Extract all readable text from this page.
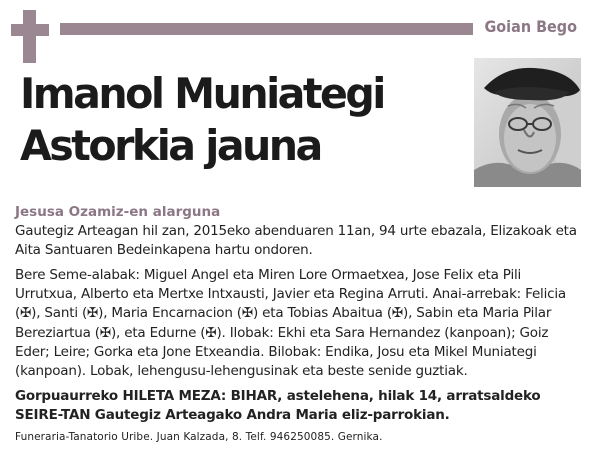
Goian Bego
Imanol Muniategi
Astorkia jauna
Jesusa Ozamiz-en alarguna
Gautegiz Arteagan hil zan, 2015eko abenduaren 11an, 94 urte ebazala, Elizakoak eta Aita Santuaren Bedeinkapena hartu ondoren.
Bere Seme-alabak: Miguel Angel eta Miren Lore Ormaetxea, Jose Felix eta Pili Urrutxua, Alberto eta Mertxe Intxausti, Javier eta Regina Arruti. Anai-arrebak: Felicia (✠), Santi (✠), Maria Encarnacion (✠) eta Tobias Abaitua (✠), Sabin eta Maria Pilar Bereziartua (✠), eta Edurne (✠). Ilobak: Ekhi eta Sara Hernandez (kanpoan); Goiz Eder; Leire; Gorka eta Jone Etxeandia. Bilobak: Endika, Josu eta Mikel Muniategi (kanpoan). Lobak, lehengusu-lehengusinak eta beste senide guztiak.
Gorpuaurreko HILETA MEZA: BIHAR, astelehena, hilak 14, arratsaldeko SEIRE-TAN Gautegiz Arteagako Andra Maria eliz-parrokian.
Funeraria-Tanatorio Uribe. Juan Kalzada, 8. Telf. 946250085. Gernika.
